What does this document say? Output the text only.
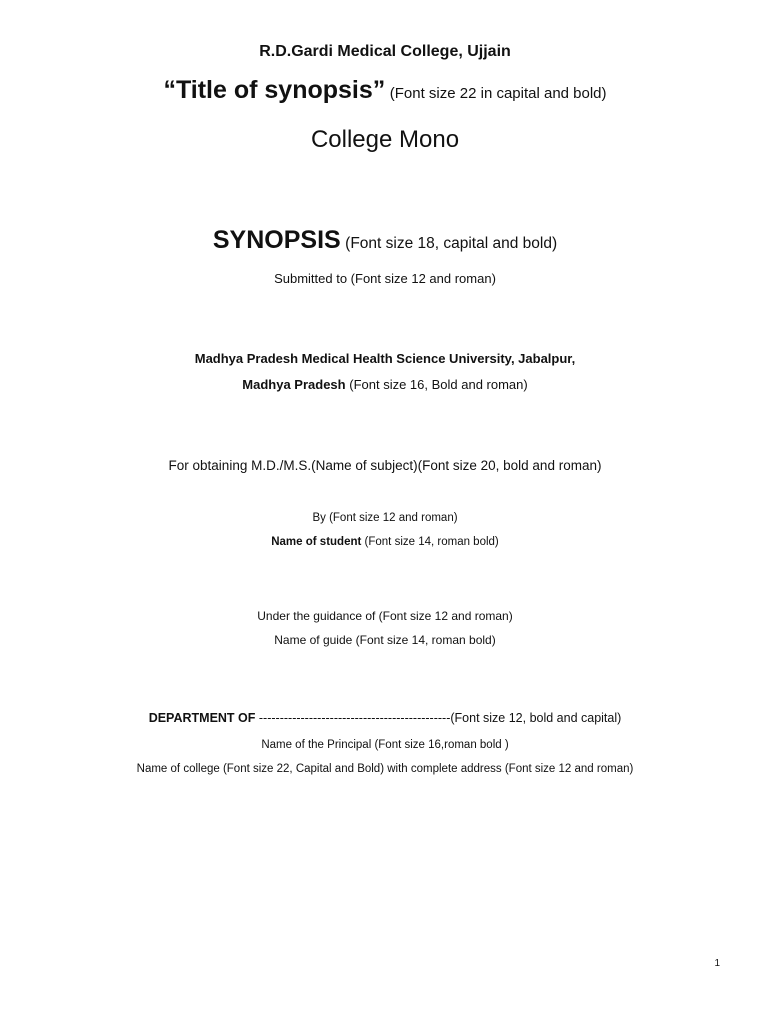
R.D.Gardi Medical College, Ujjain
“Title of synopsis” (Font size 22 in capital and bold)
College Mono
SYNOPSIS (Font size 18, capital and bold)
Submitted to (Font size 12 and roman)
Madhya Pradesh Medical Health Science University, Jabalpur,
Madhya Pradesh (Font size 16, Bold and roman)
For obtaining M.D./M.S.(Name of subject)(Font size 20, bold and roman)
By (Font size 12 and roman)
Name of student (Font size 14, roman bold)
Under the guidance of (Font size 12 and roman)
Name of guide (Font size 14, roman bold)
DEPARTMENT OF ----------------------------------------------(Font size 12, bold and capital)
Name of the Principal (Font size 16,roman bold )
Name of college (Font size 22, Capital and Bold) with complete address (Font size 12 and roman)
1
